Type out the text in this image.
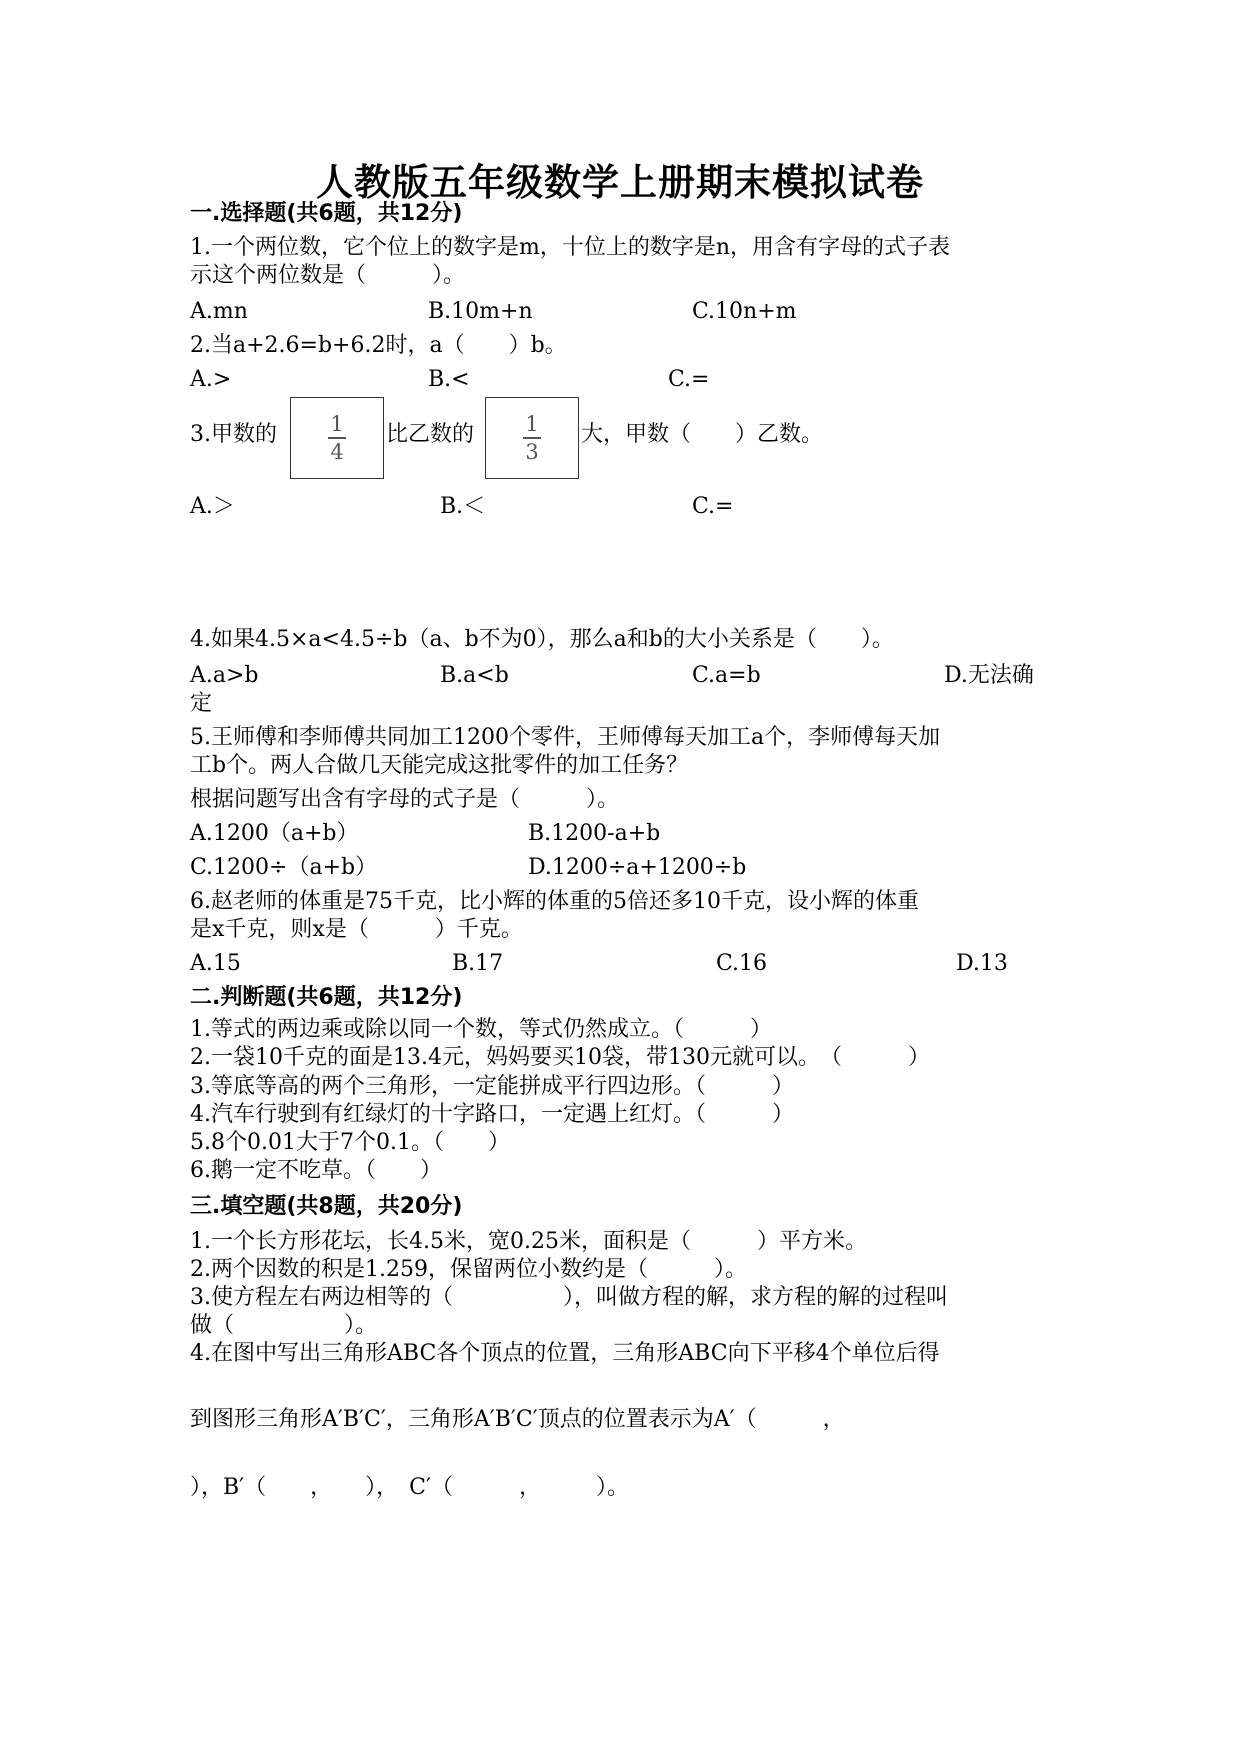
人教版五年级数学上册期末模拟试卷
一.选择题(共6题，共12分)
1.一个两位数，它个位上的数字是m，十位上的数字是n，用含有字母的式子表
示这个两位数是（　　　）。
A.mn	B.10m+n	C.10n+m
2.当a+2.6=b+6.2时，a（　　）b。
A.>	B.<	C.=
3.甲数的	1
4
比乙数的	1
3
大，甲数（　　）乙数。
A.＞	B.＜	C.=
4.如果4.5×a<4.5÷b（a、b不为0），那么a和b的大小关系是（　　）。
A.a>b	B.a<b	C.a=b	D.无法确
定
5.王师傅和李师傅共同加工1200个零件，王师傅每天加工a个，李师傅每天加
工b个。两人合做几天能完成这批零件的加工任务？
根据问题写出含有字母的式子是（　　　）。
A.1200（a+b）	B.1200-a+b
C.1200÷（a+b）	D.1200÷a+1200÷b
6.赵老师的体重是75千克，比小辉的体重的5倍还多10千克，设小辉的体重
是x千克，则x是（　　　）千克。
A.15	B.17	C.16	D.13
二.判断题(共6题，共12分)
1.等式的两边乘或除以同一个数，等式仍然成立。（　　　）
2.一袋10千克的面是13.4元，妈妈要买10袋，带130元就可以。　（　　　）
3.等底等高的两个三角形，一定能拼成平行四边形。（　　　）
4.汽车行驶到有红绿灯的十字路口，一定遇上红灯。（　　　）
5.8个0.01大于7个0.1。（　　）
6.鹅一定不吃草。（　　）
三.填空题(共8题，共20分)
1.一个长方形花坛，长4.5米，宽0.25米，面积是（　　　）平方米。
2.两个因数的积是1.259，保留两位小数约是（　　　）。
3.使方程左右两边相等的（　　　　　），叫做方程的解，求方程的解的过程叫
做（　　　　　）。
4.在图中写出三角形ABC各个顶点的位置，三角形ABC向下平移4个单位后得
到图形三角形A′B′C′，三角形A′B′C′顶点的位置表示为A′（　　　，
），B′（　　，　　），　C′（　　　，　　　）。
